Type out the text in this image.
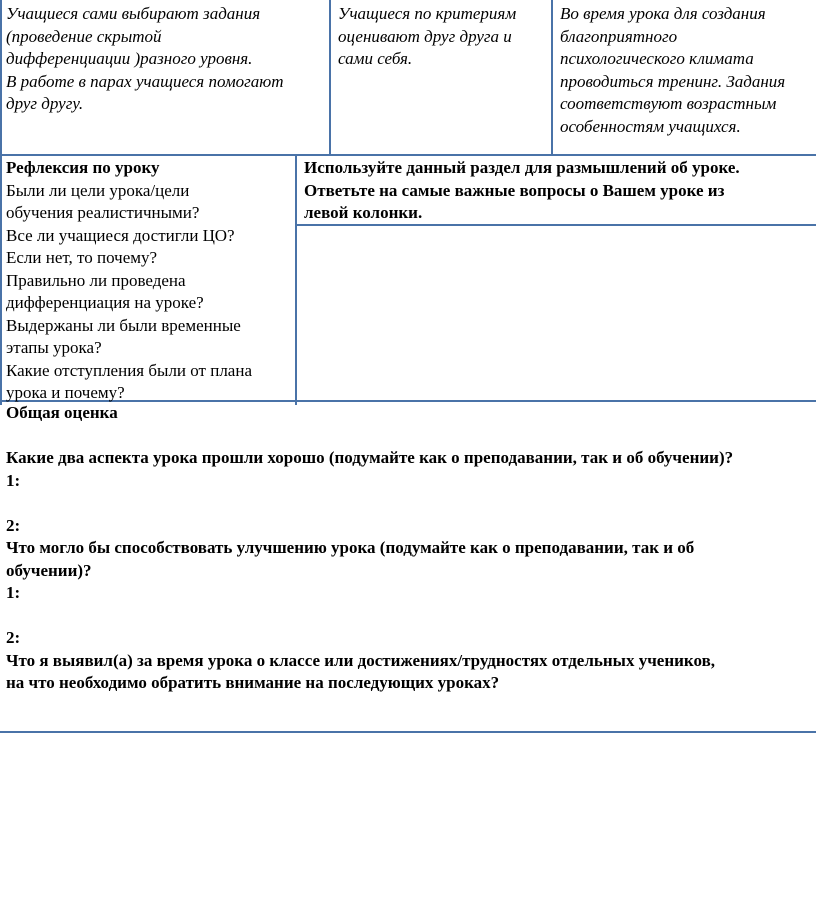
Учащиеся сами выбирают задания
(проведение скрытой
дифференциации )разного уровня.
В работе в парах учащиеся помогают
друг другу.
Учащиеся по критериям
оценивают друг друга и
сами себя.
Во время урока для создания
благоприятного
психологического климата
проводиться тренинг. Задания
соответствуют возрастным
особенностям учащихся.
Рефлексия по уроку
Были ли цели урока/цели
обучения реалистичными?
Все ли учащиеся достигли ЦО?
Если нет, то почему?
Правильно ли проведена
дифференциация на уроке?
Выдержаны ли были временные
этапы урока?
Какие отступления были от плана
урока и почему?
Используйте данный раздел для размышлений об уроке.
Ответьте на самые важные вопросы о Вашем уроке из
левой колонки.
Общая оценка
Какие два аспекта урока прошли хорошо (подумайте как о преподавании, так и об обучении)?
1:
2:
Что могло бы способствовать улучшению урока (подумайте как о преподавании, так и об
обучении)?
1:
2:
Что я выявил(а) за время урока о классе или достижениях/трудностях отдельных учеников,
на что необходимо обратить внимание на последующих уроках?
